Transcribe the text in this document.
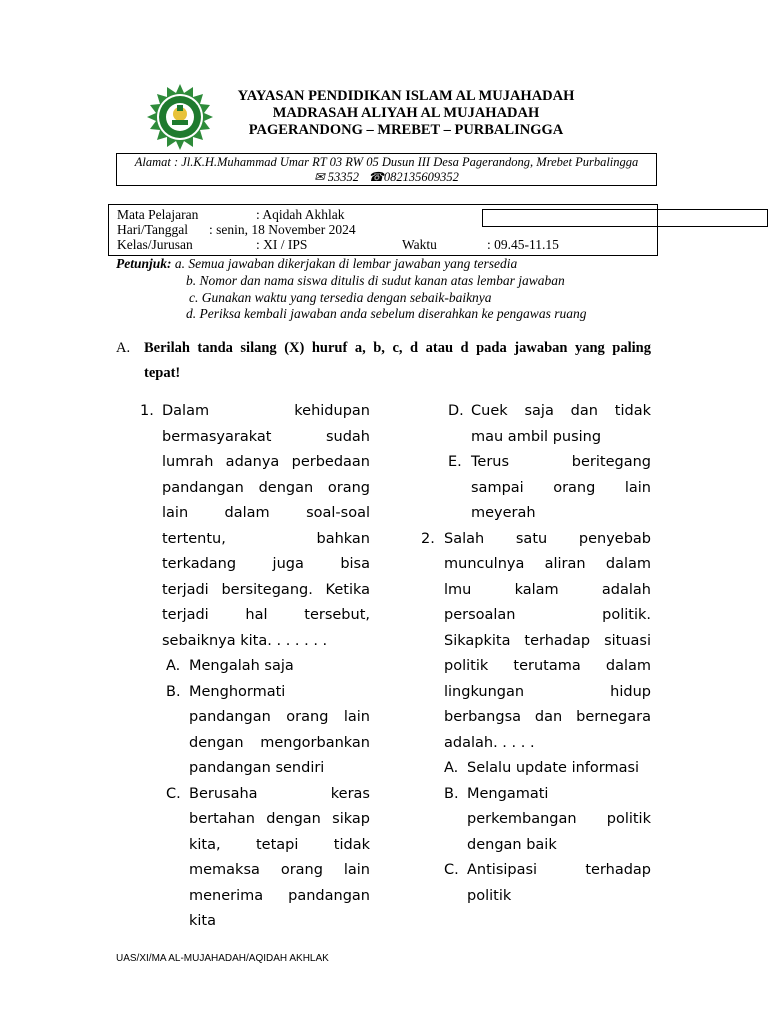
YAYASAN PENDIDIKAN ISLAM AL MUJAHADAH
MADRASAH ALIYAH AL MUJAHADAH
PAGERANDONG – MREBET – PURBALINGGA
Alamat : Jl.K.H.Muhammad Umar RT 03 RW 05 Dusun III Desa Pagerandong, Mrebet Purbalingga
✉ 53352 ☎082135609352
Mata Pelajaran	: Aqidah Akhlak
Hari/Tanggal : senin, 18 November 2024
Kelas/Jurusan	: XI / IPS	Waktu	: 09.45-11.15
Petunjuk: a. Semua jawaban dikerjakan di lembar jawaban yang tersedia
b. Nomor dan nama siswa ditulis di sudut kanan atas lembar jawaban
c. Gunakan waktu yang tersedia dengan sebaik-baiknya
d. Periksa kembali jawaban anda sebelum diserahkan ke pengawas ruang
A. Berilah tanda silang (X) huruf a, b, c, d atau d pada jawaban yang paling
tepat!
1. Dalam kehidupan
bermasyarakat sudah
lumrah adanya perbedaan
pandangan dengan orang
lain dalam soal-soal
tertentu, bahkan
terkadang juga bisa
terjadi bersitegang. Ketika
terjadi hal tersebut,
sebaiknya kita. . . . . . .
A. Mengalah saja
B. Menghormati
pandangan orang lain
dengan mengorbankan
pandangan sendiri
C. Berusaha keras
bertahan dengan sikap
kita, tetapi tidak
memaksa orang lain
menerima pandangan
kita
D. Cuek saja dan tidak
mau ambil pusing
E. Terus beritegang
sampai orang lain
meyerah
2. Salah satu penyebab
munculnya aliran dalam
lmu kalam adalah
persoalan politik.
Sikapkita terhadap situasi
politik terutama dalam
lingkungan hidup
berbangsa dan bernegara
adalah. . . . .
A. Selalu update informasi
B. Mengamati
perkembangan politik
dengan baik
C. Antisipasi terhadap
politik
UAS/XI/MA AL-MUJAHADAH/AQIDAH AKHLAK
